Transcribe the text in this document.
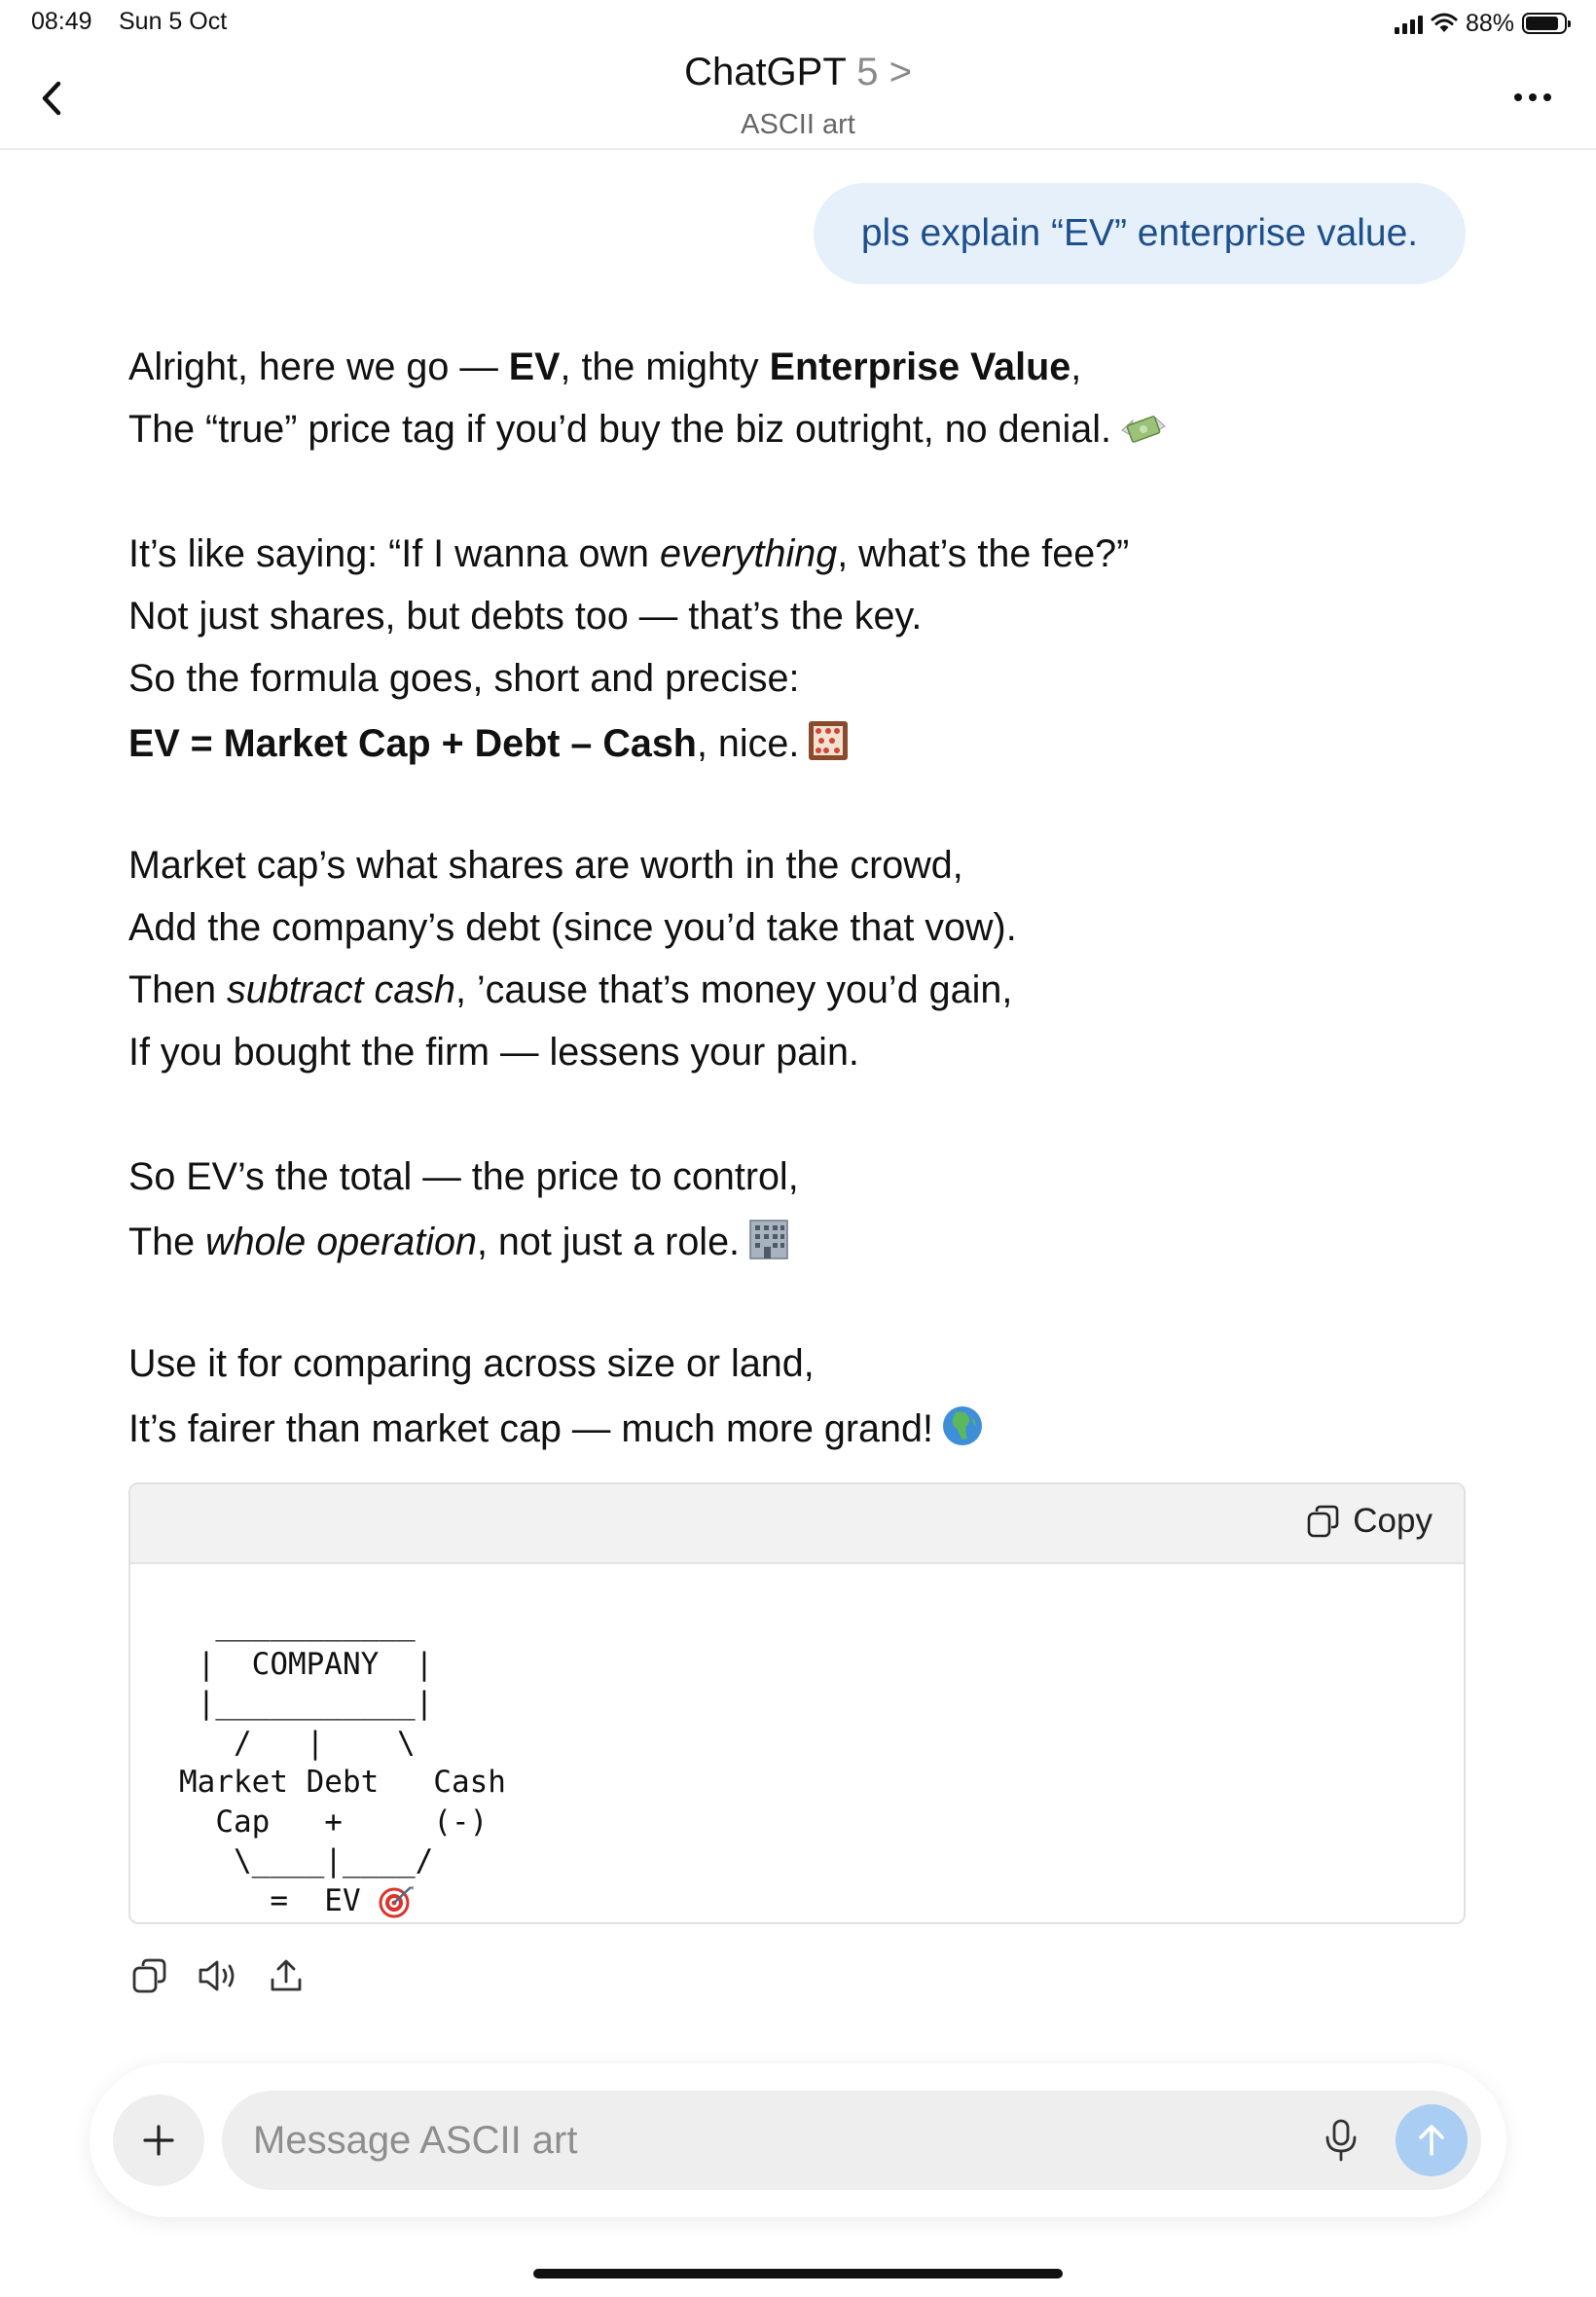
08:49 Sun 5 Oct	88%
ChatGPT 5 >
ASCII art
pls explain “EV” enterprise value.
Alright, here we go — EV, the mighty Enterprise Value,
The “true” price tag if you’d buy the biz outright, no denial.
It’s like saying: “If I wanna own everything, what’s the fee?”
Not just shares, but debts too — that’s the key.
So the formula goes, short and precise:
EV = Market Cap + Debt – Cash, nice.
Market cap’s what shares are worth in the crowd,
Add the company’s debt (since you’d take that vow).
Then subtract cash, ’cause that’s money you’d gain,
If you bought the firm — lessens your pain.
So EV’s the total — the price to control,
The whole operation, not just a role.
Use it for comparing across size or land,
It’s fairer than market cap — much more grand!
Copy
___________
|  COMPANY  |
|___________|
/   |    \
Market Debt   Cash
Cap   +     (-)
\____|____/
=  EV
Message ASCII art
